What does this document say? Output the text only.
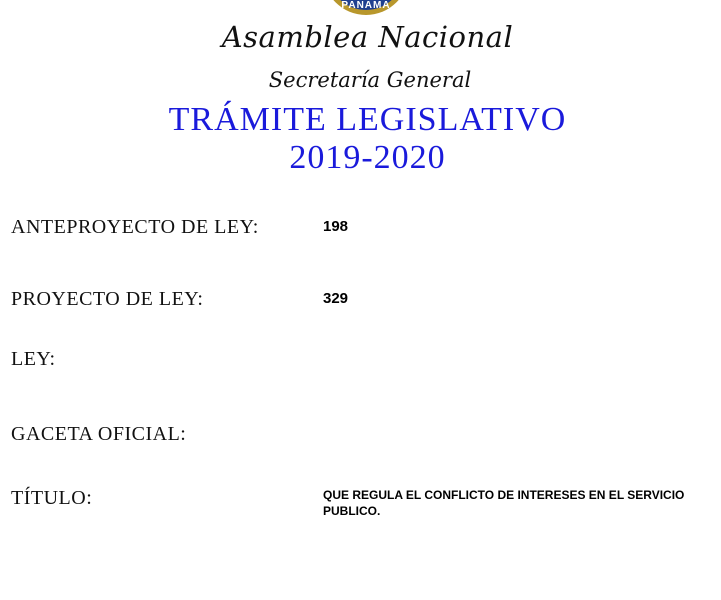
PANAMA
Asamblea Nacional
Secretaría General
TRÁMITE LEGISLATIVO
2019-2020
ANTEPROYECTO DE LEY:	198
PROYECTO DE LEY:	329
LEY:
GACETA OFICIAL:
TÍTULO:	QUE REGULA EL CONFLICTO DE INTERESES EN EL SERVICIO PUBLICO.
